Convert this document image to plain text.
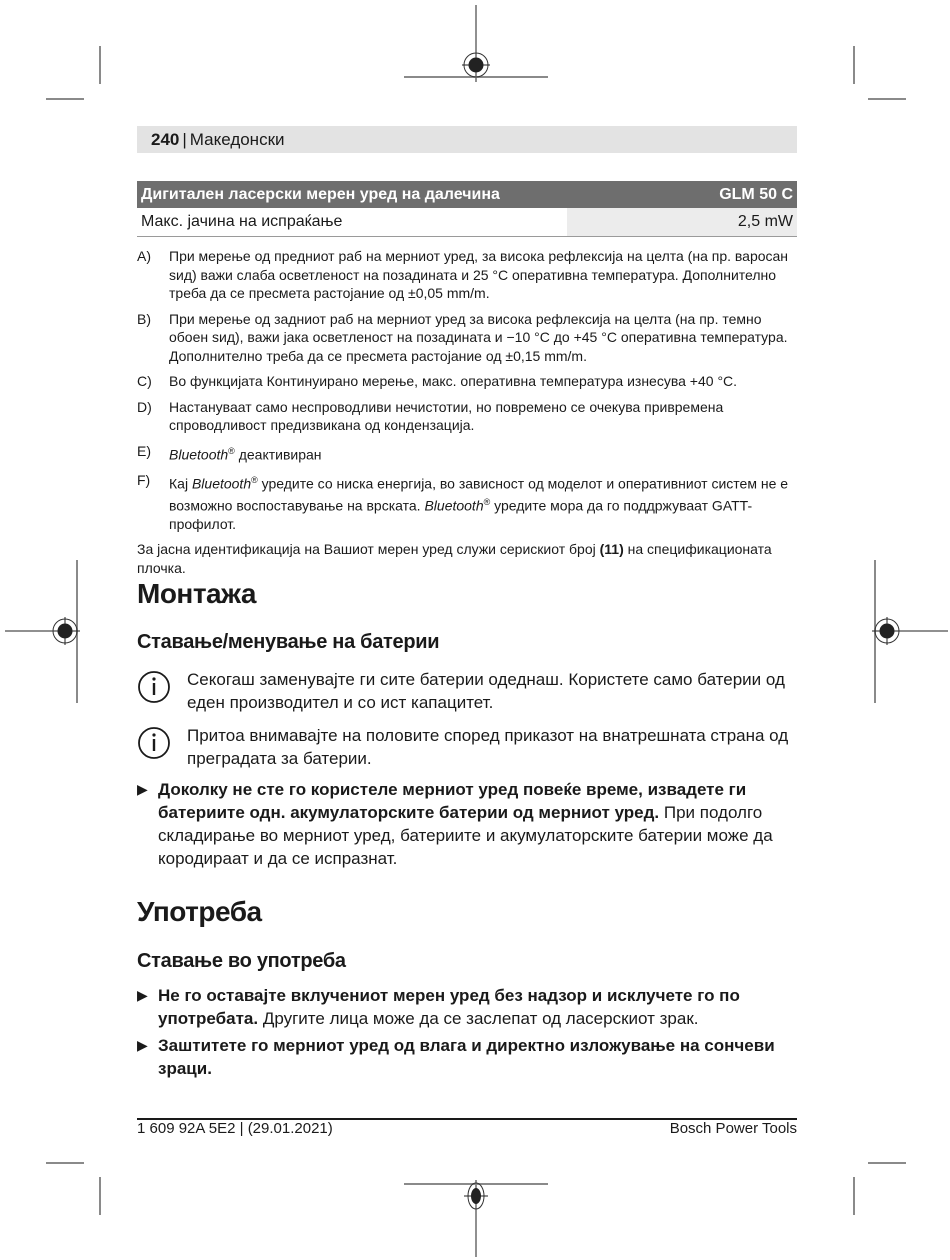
240 | Македонски
Дигитален ласерски мерен уред на далечина	GLM 50 C
Макс. јачина на испраќање	2,5 mW
A)	При мерење од предниот раб на мерниот уред, за висока рефлексија на целта (на пр. варосан ѕид) важи слаба осветленост на позадината и 25 °C оперативна температура. Дополнително треба да се пресмета растојание од ±0,05 mm/m.
B)	При мерење од задниот раб на мерниот уред за висока рефлексија на целта (на пр. темно обоен ѕид), важи јака осветленост на позадината и −10 °C до +45 °C оперативна температура. Дополнително треба да се пресмета растојание од ±0,15 mm/m.
C)	Во функцијата Континуирано мерење, макс. оперативна температура изнесува +40 °C.
D)	Настануваат само неспроводливи нечистотии, но повремено се очекува привремена спроводливост предизвикана од кондензација.
E)	Bluetooth® деактивиран
F)	Кај Bluetooth® уредите со ниска енергија, во зависност од моделот и оперативниот систем не е возможно воспоставување на врската. Bluetooth® уредите мора да го поддржуваат GATT-профилот.
За јасна идентификација на Вашиот мерен уред служи серискиот број (11) на спецификационата плочка.
Монтажа
Ставање/менување на батерии
Секогаш заменувајте ги сите батерии одеднаш. Користете само батерии од еден производител и со ист капацитет.
Притоа внимавајте на половите според приказот на внатрешната страна од преградата за батерии.
▶ Доколку не сте го користеле мерниот уред повеќе време, извадете ги батериите одн. акумулаторските батерии од мерниот уред. При подолго складирање во мерниот уред, батериите и акумулаторските батерии може да кородираат и да се испразнат.
Употреба
Ставање во употреба
▶ Не го оставајте вклучениот мерен уред без надзор и исклучете го по употребата. Другите лица може да се заслепат од ласерскиот зрак.
▶ Заштитете го мерниот уред од влага и директно изложување на сончеви зраци.
1 609 92A 5E2 | (29.01.2021)	Bosch Power Tools
